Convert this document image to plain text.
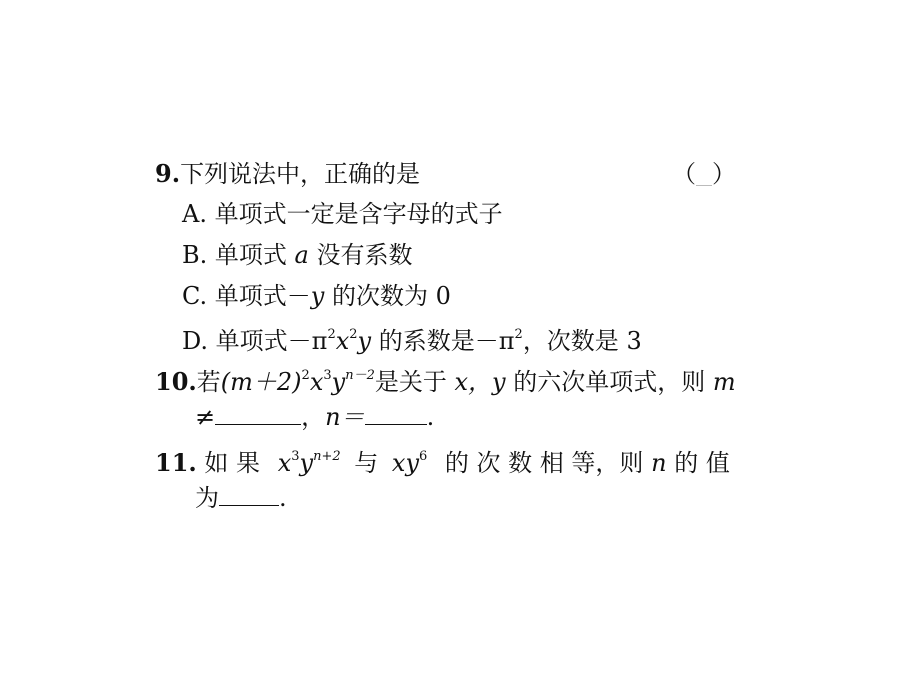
9.下列说法中，正确的是	（ ）
A. 单项式一定是含字母的式子
B. 单项式 a 没有系数
C. 单项式－y 的次数为 0
D. 单项式$-\pi^2x^2y$ 的系数是$-\pi^2$，次数是 3
10.若$(m+2)^2x^3y^{n-2}$是关于 x，y 的六次单项式，则 m
≠	，n＝	.
11. 如 果 $x^3y^{n+2}$ 与 $xy^6$ 的 次 数 相 等，则 n 的 值
为	.
